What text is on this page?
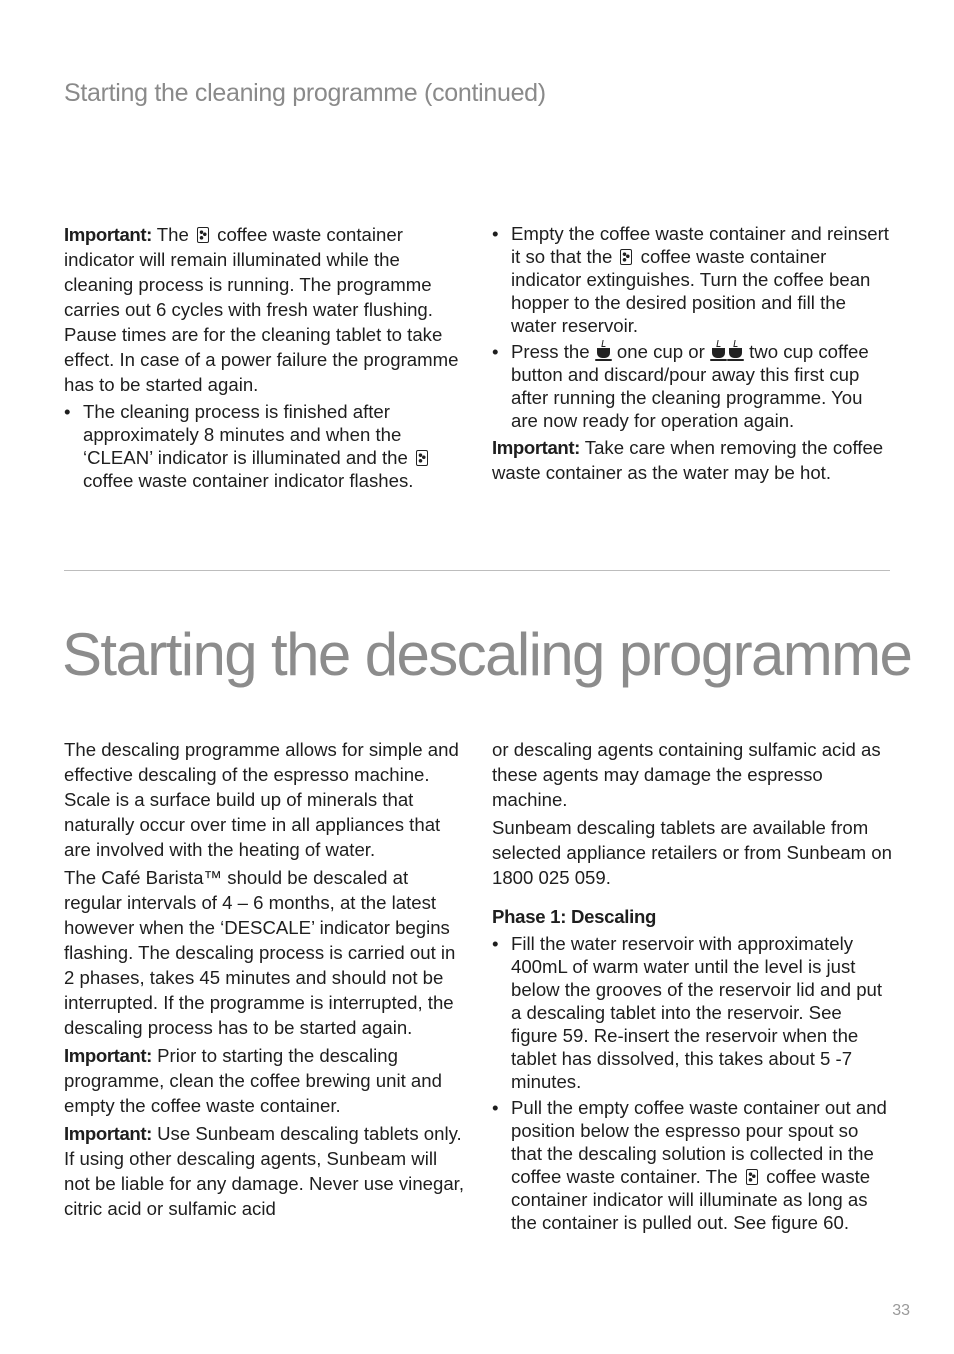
Starting the cleaning programme (continued)

Important: The coffee waste container indicator will remain illuminated while the cleaning process is running. The programme carries out 6 cycles with fresh water flushing. Pause times are for the cleaning tablet to take effect. In case of a power failure the programme has to be started again.

• The cleaning process is finished after approximately 8 minutes and when the ‘CLEAN’ indicator is illuminated and the  coffee waste container indicator flashes.
• Empty the coffee waste container and reinsert it so that the coffee waste container indicator extinguishes. Turn the coffee bean hopper to the desired position and fill the water reservoir.
• Press the one cup or two cup coffee button and discard/pour away this first cup after running the cleaning programme. You are now ready for operation again.

Important: Take care when removing the coffee waste container as the water may be hot.

Starting the descaling programme

The descaling programme allows for simple and effective descaling of the espresso machine. Scale is a surface build up of minerals that naturally occur over time in all appliances that are involved with the heating of water.

The Café Barista™ should be descaled at regular intervals of 4 – 6 months, at the latest however when the ‘DESCALE’ indicator begins flashing. The descaling process is carried out in 2 phases, takes 45 minutes and should not be interrupted. If the programme is interrupted, the descaling process has to be started again.

Important: Prior to starting the descaling programme, clean the coffee brewing unit and empty the coffee waste container.

Important: Use Sunbeam descaling tablets only. If using other descaling agents, Sunbeam will not be liable for any damage. Never use vinegar, citric acid or sulfamic acid

or descaling agents containing sulfamic acid as these agents may damage the espresso machine.

Sunbeam descaling tablets are available from selected appliance retailers or from Sunbeam on 1800 025 059.

Phase 1: Descaling

• Fill the water reservoir with approximately 400mL of warm water until the level is just below the grooves of the reservoir lid and put a descaling tablet into the reservoir. See figure 59. Re-insert the reservoir when the tablet has dissolved, this takes about 5 -7 minutes.
• Pull the empty coffee waste container out and position below the espresso pour spout so that the descaling solution is collected in the coffee waste container. The coffee waste container indicator will illuminate as long as the container is pulled out. See figure 60.
33
